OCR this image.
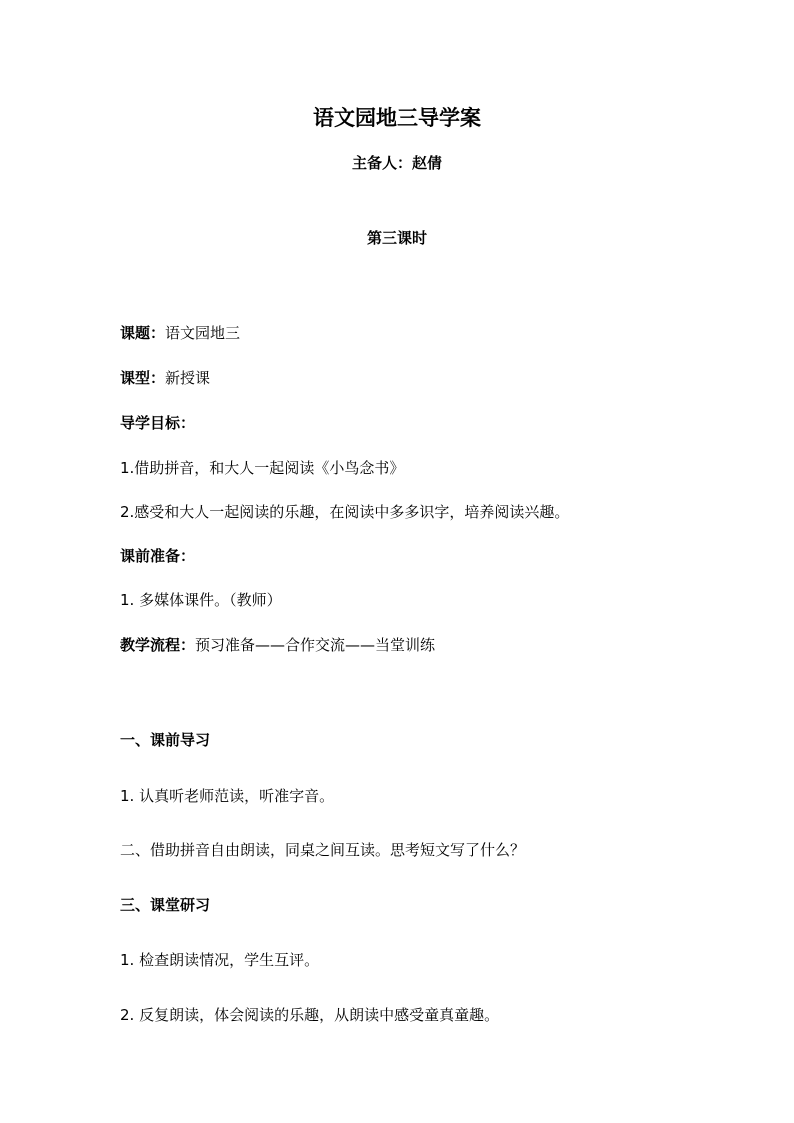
语文园地三导学案
主备人：赵倩
第三课时
课题：语文园地三
课型：新授课
导学目标：
1.借助拼音，和大人一起阅读《小鸟念书》
2.感受和大人一起阅读的乐趣，在阅读中多多识字，培养阅读兴趣。
课前准备：
1. 多媒体课件。（教师）
教学流程：预习准备——合作交流——当堂训练
一、课前导习
1. 认真听老师范读，听准字音。
二、借助拼音自由朗读，同桌之间互读。思考短文写了什么？
三、课堂研习
1. 检查朗读情况，学生互评。
2. 反复朗读，体会阅读的乐趣，从朗读中感受童真童趣。
